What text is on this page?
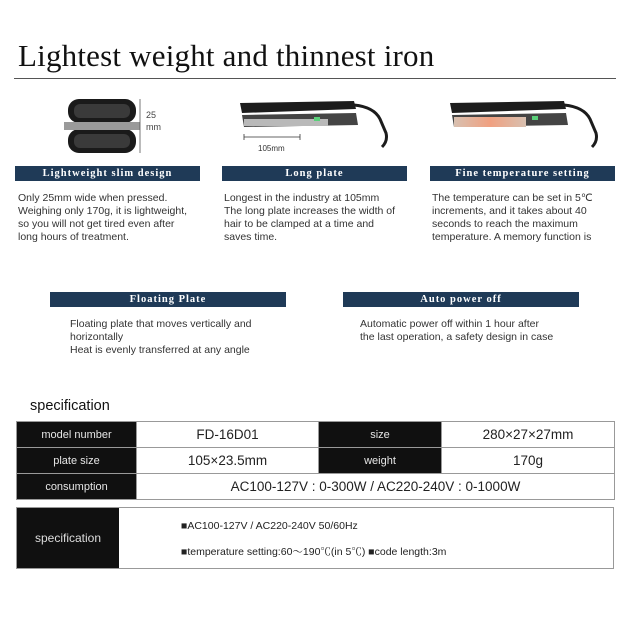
Lightest weight and thinnest iron
25
mm
105mm
Lightweight slim design	Long plate	Fine temperature setting
Only 25mm wide when pressed.
Weighing only 170g, it is lightweight,
so you will not get tired even after
long hours of treatment.
Longest in the industry at 105mm
The long plate increases the width of
hair to be clamped at a time and
saves time.
The temperature can be set in 5℃
increments, and it takes about 40
seconds to reach the maximum
temperature. A memory function is
Floating Plate	Auto power off
Floating plate that moves vertically and
horizontally
Heat is evenly transferred at any angle
Automatic power off within 1 hour after
the last operation, a safety design in case
specification
model number	FD-16D01	size	280×27×27mm
plate size	105×23.5mm	weight	170g
consumption	AC100-127V : 0-300W / AC220-240V : 0-1000W		
specification
■AC100-127V / AC220-240V 50/60Hz
■temperature setting:60～190℃(in 5℃) ■code length:3m
